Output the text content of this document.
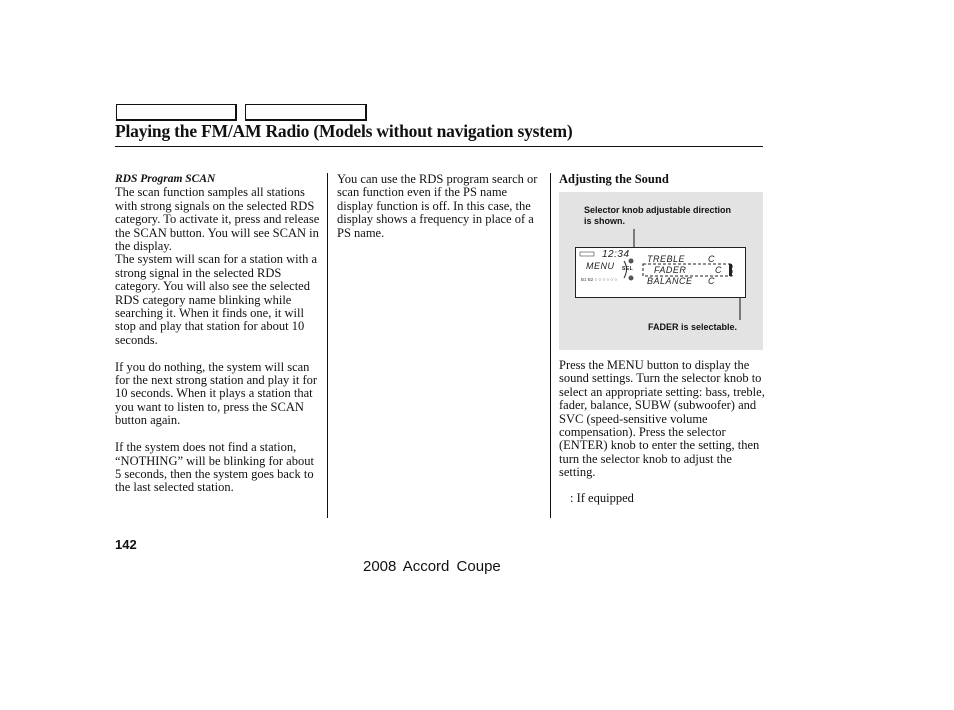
Playing the FM/AM Radio (Models without navigation system)
RDS Program SCAN

The scan function samples all stations with strong signals on the selected RDS category. To activate it, press and release the SCAN button. You will see SCAN in the display.

The system will scan for a station with a strong signal in the selected RDS category. You will also see the selected RDS category name blinking while searching it. When it finds one, it will stop and play that station for about 10 seconds.

If you do nothing, the system will scan for the next strong station and play it for 10 seconds. When it plays a station that you want to listen to, press the SCAN button again.

If the system does not find a station, “NOTHING” will be blinking for about 5 seconds, then the system goes back to the last selected station.

You can use the RDS program search or scan function even if the PS name display function is off. In this case, the display shows a frequency in place of a PS name.

Adjusting the Sound
Selector knob adjustable direction is shown.
B1 B2 ○ ○ ○ ○ ○ ○
12:34
MENU SEL
TREBLE
FADER
BALANCE
C
C
C
FADER is selectable.

Press the MENU button to display the sound settings. Turn the selector knob to select an appropriate setting: bass, treble, fader, balance, SUBW (subwoofer) and SVC (speed-sensitive volume compensation). Press the selector (ENTER) knob to enter the setting, then turn the selector knob to adjust the setting.

: If equipped
142
2008 Accord Coupe
